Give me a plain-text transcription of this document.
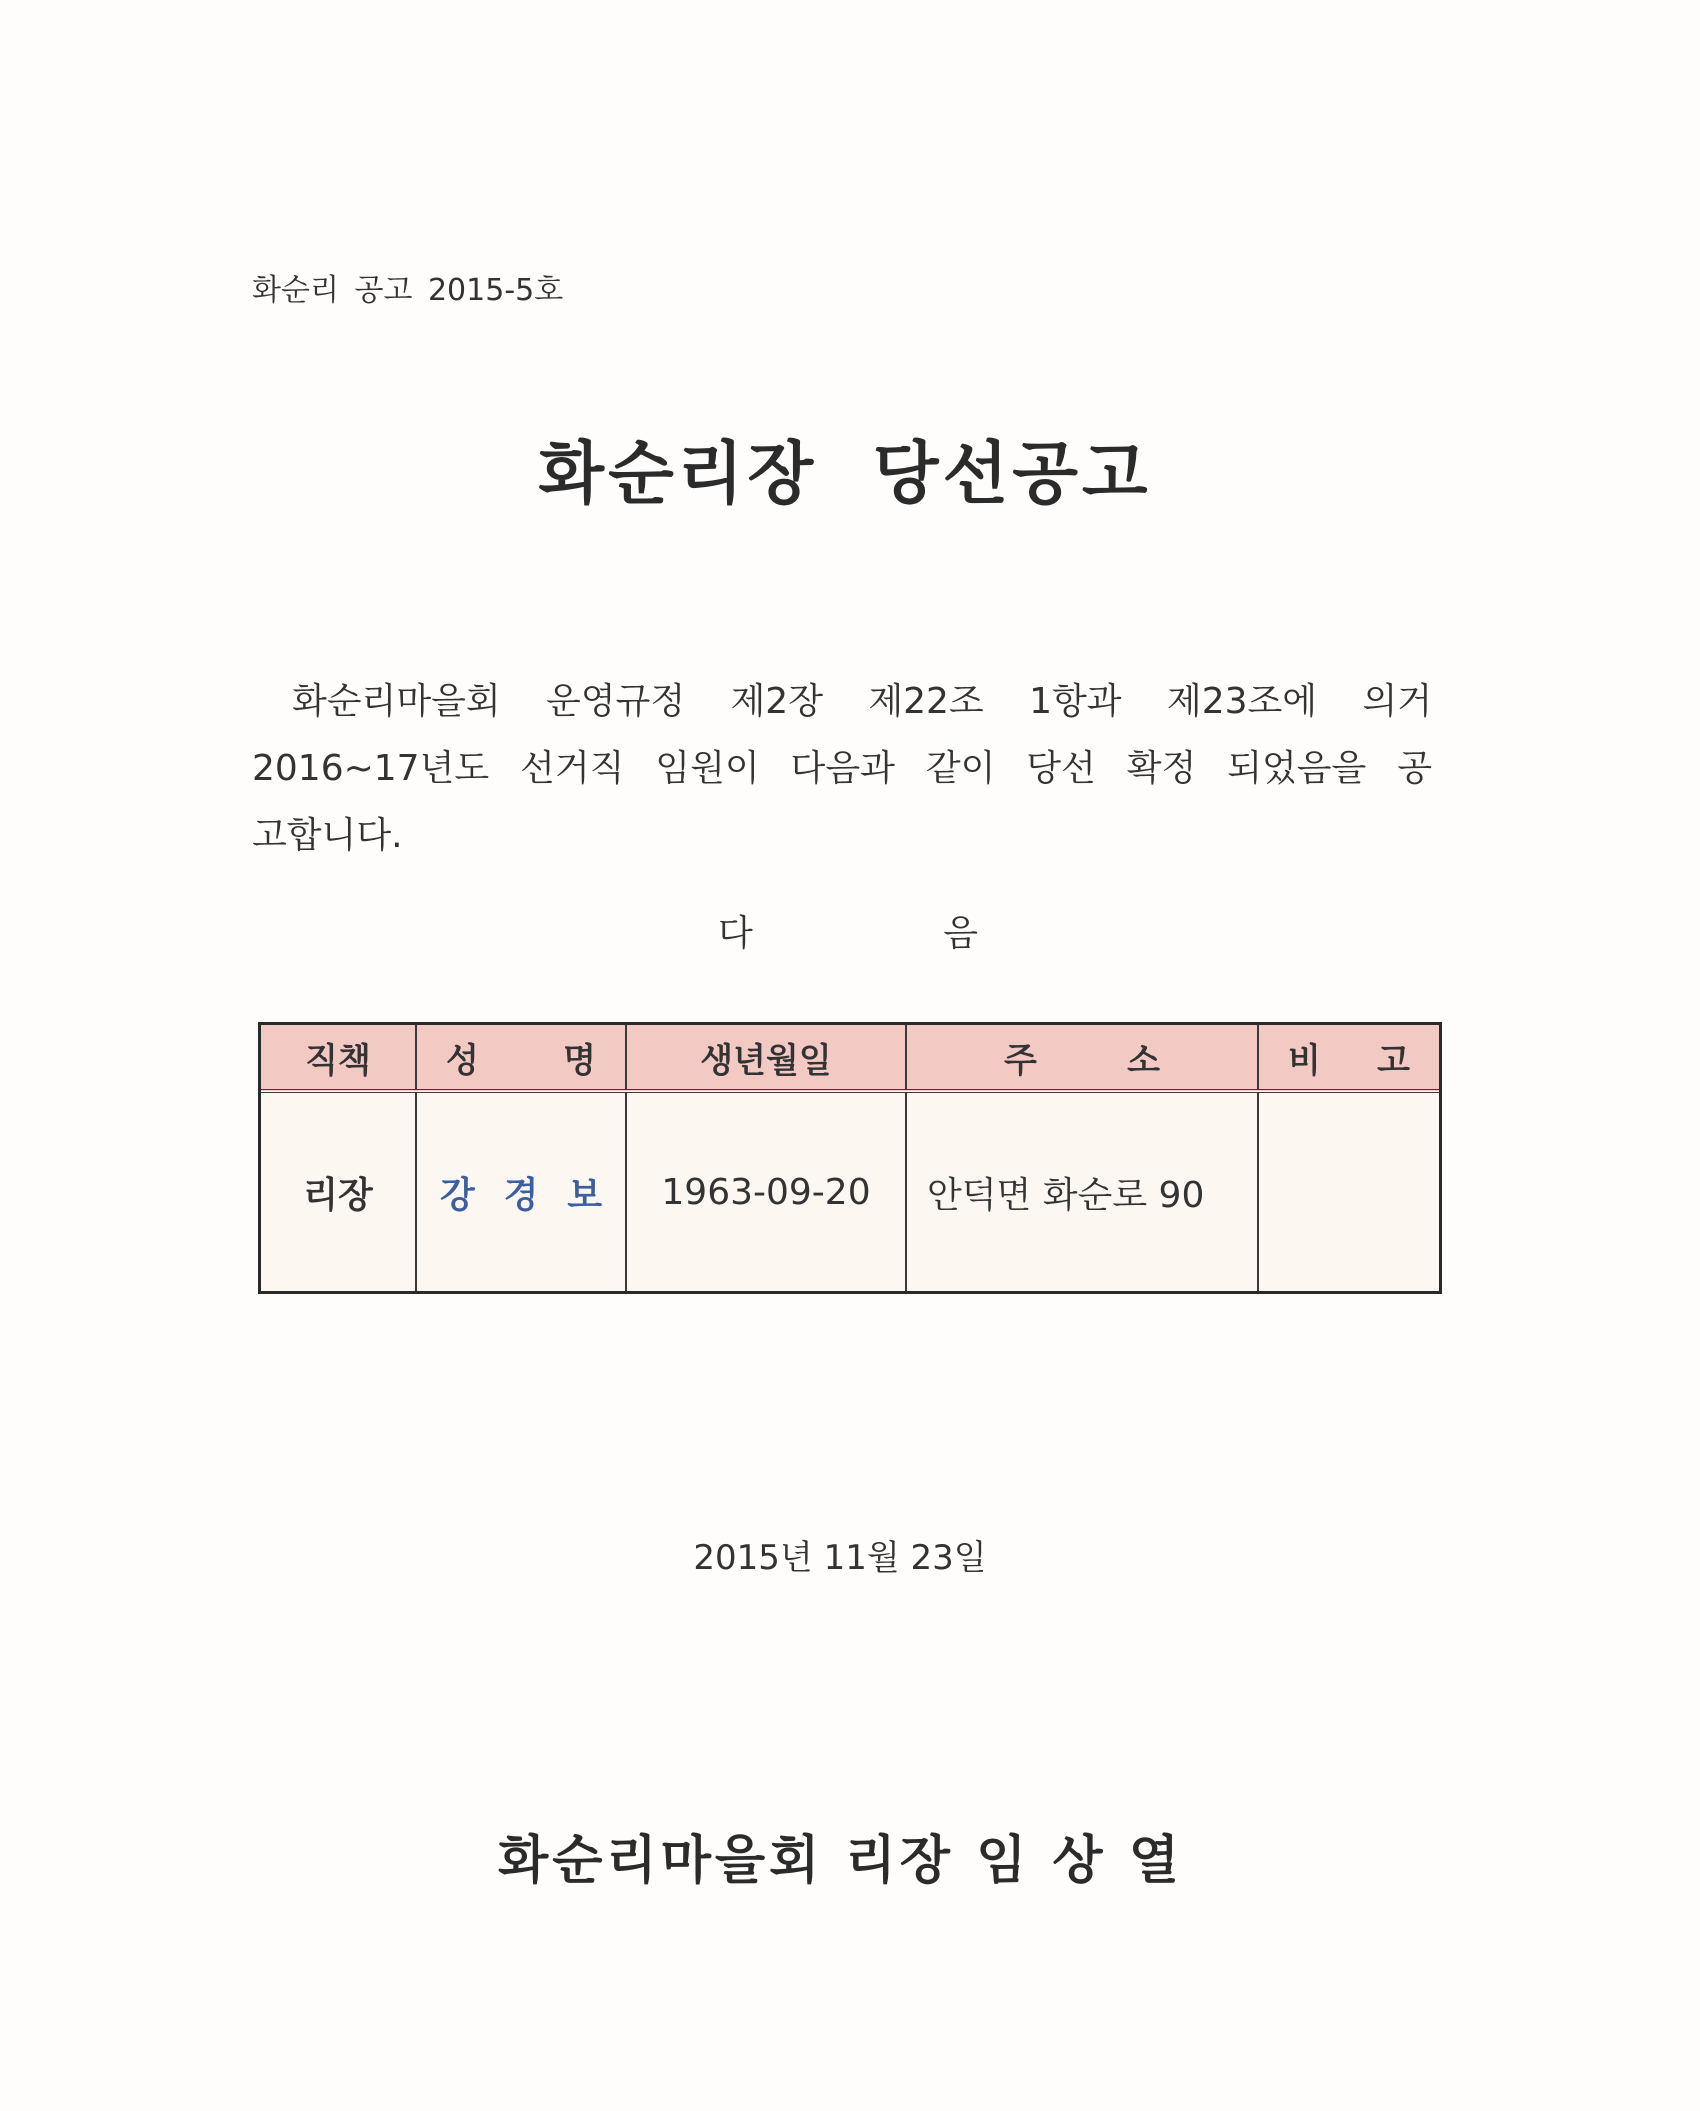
화순리 공고 2015-5호
화순리장 당선공고
화순리마을회 운영규정 제2장 제22조 1항과 제23조에 의거
2016~17년도 선거직 임원이 다음과 같이 당선 확정 되었음을 공
고합니다.
다	음
직책	성 명	생년월일	주 소	비 고

리장	강 경 보	1963-09-20	안덕면 화순로 90	
2015년 11월 23일
화순리마을회 리장 임 상 열
